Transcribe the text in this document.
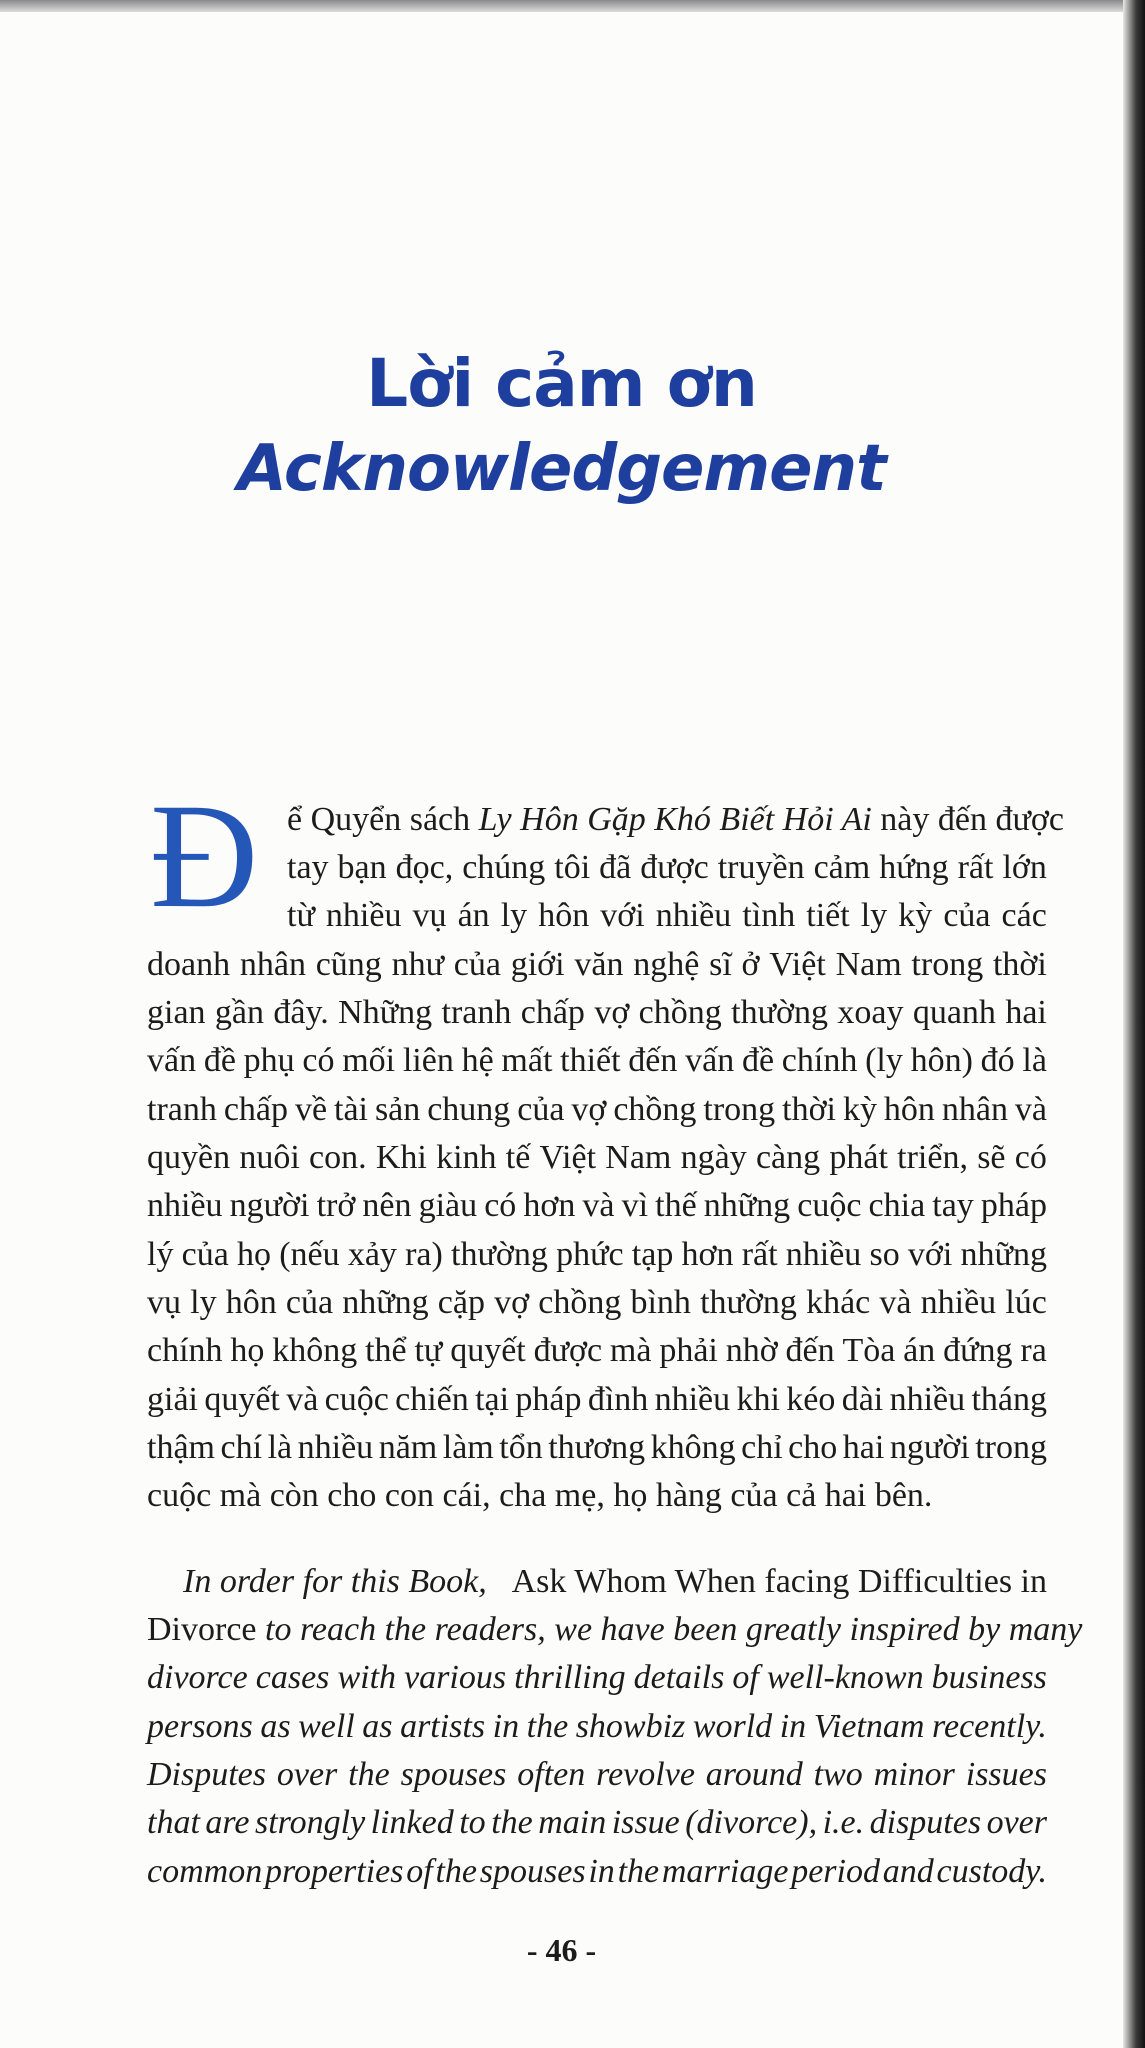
Lời cảm ơn
Acknowledgement
Đ ể Quyển sách Ly Hôn Gặp Khó Biết Hỏi Ai này đến được
tay bạn đọc, chúng tôi đã được truyền cảm hứng rất lớn
từ nhiều vụ án ly hôn với nhiều tình tiết ly kỳ của các
doanh nhân cũng như của giới văn nghệ sĩ ở Việt Nam trong thời
gian gần đây. Những tranh chấp vợ chồng thường xoay quanh hai
vấn đề phụ có mối liên hệ mất thiết đến vấn đề chính (ly hôn) đó là
tranh chấp về tài sản chung của vợ chồng trong thời kỳ hôn nhân và
quyền nuôi con. Khi kinh tế Việt Nam ngày càng phát triển, sẽ có
nhiều người trở nên giàu có hơn và vì thế những cuộc chia tay pháp
lý của họ (nếu xảy ra) thường phức tạp hơn rất nhiều so với những
vụ ly hôn của những cặp vợ chồng bình thường khác và nhiều lúc
chính họ không thể tự quyết được mà phải nhờ đến Tòa án đứng ra
giải quyết và cuộc chiến tại pháp đình nhiều khi kéo dài nhiều tháng
thậm chí là nhiều năm làm tổn thương không chỉ cho hai người trong
cuộc mà còn cho con cái, cha mẹ, họ hàng của cả hai bên.
In order for this Book, Ask Whom When facing Difficulties in
Divorce to reach the readers, we have been greatly inspired by many
divorce cases with various thrilling details of well-known business
persons as well as artists in the showbiz world in Vietnam recently.
Disputes over the spouses often revolve around two minor issues
that are strongly linked to the main issue (divorce), i.e. disputes over
common properties of the spouses in the marriage period and custody.
- 46 -
